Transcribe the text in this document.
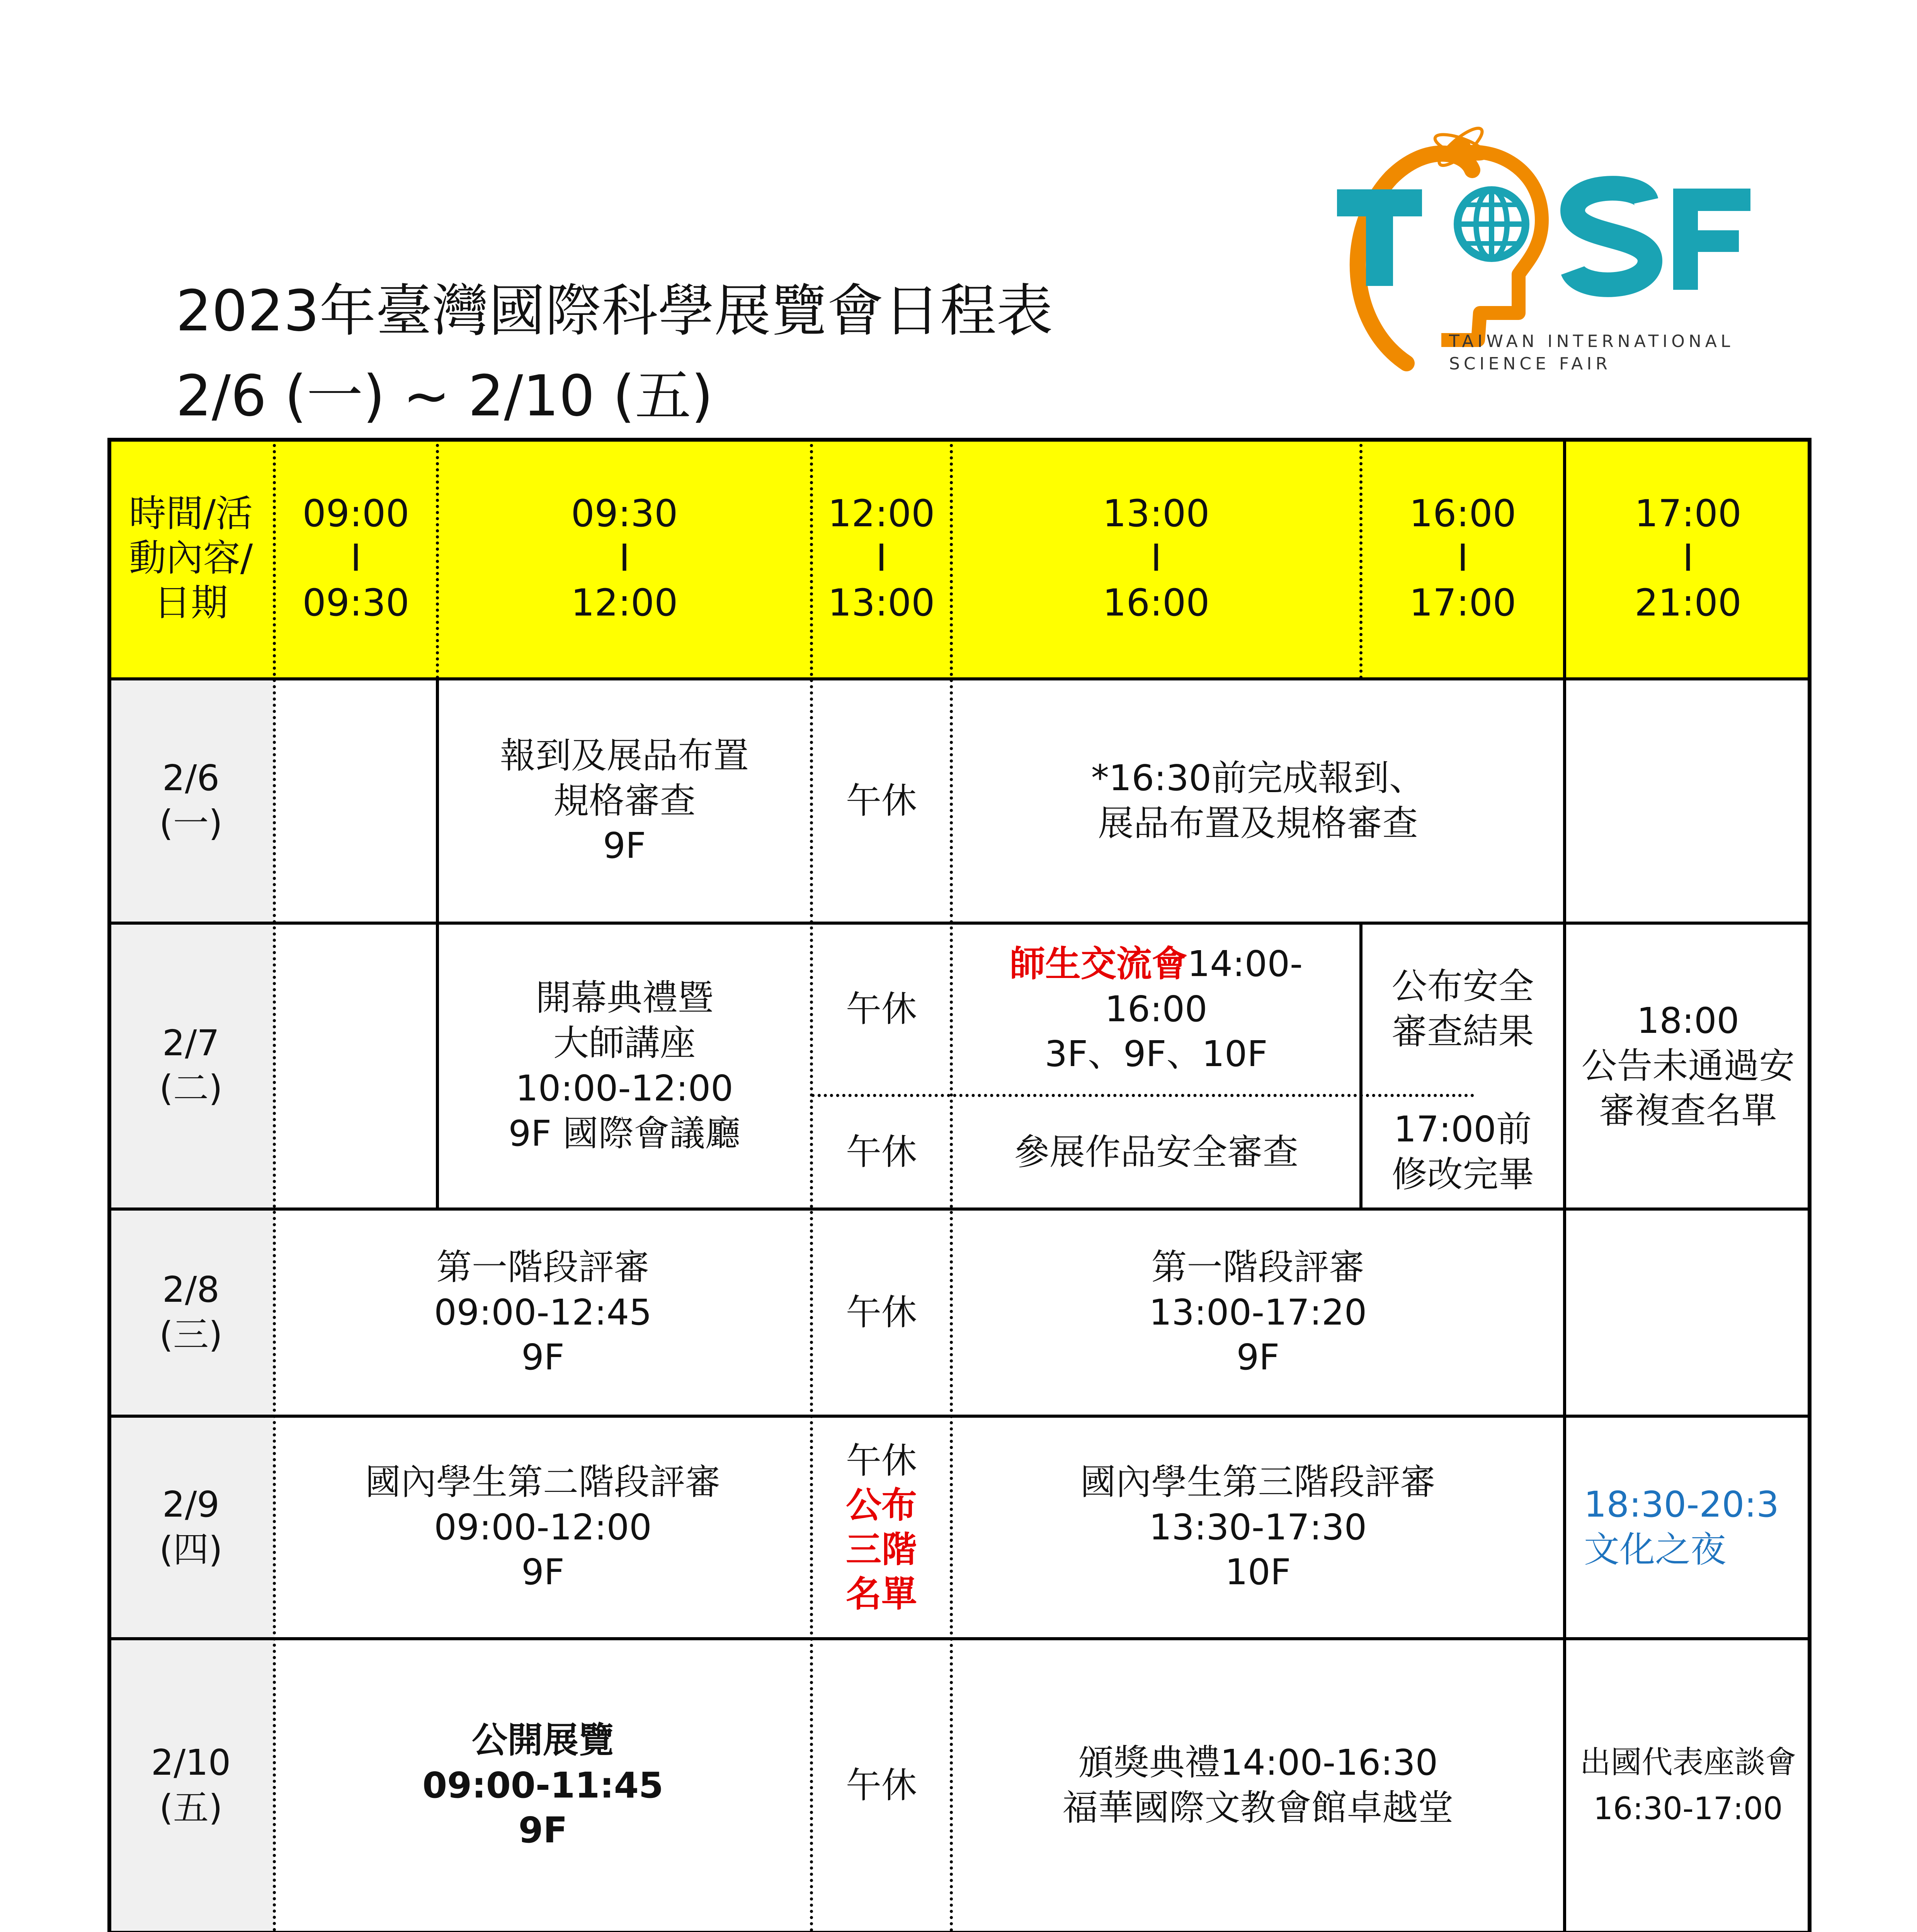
2023年臺灣國際科學展覽會日程表
2/6 (一) ~ 2/10 (五)
TAIWAN INTERNATIONAL
SCIENCE FAIR
時間/活
動內容/
日期
09:00
I
09:30
09:30
I
12:00
12:00
I
13:00
13:00
I
16:00
16:00
I
17:00
17:00
I
21:00
2/6
(一)
報到及展品布置
規格審查
9F
午休
*16:30前完成報到、
展品布置及規格審查
2/7
(二)
開幕典禮暨
大師講座
10:00-12:00
9F 國際會議廳
午休
師生交流會14:00-
16:00
3F、9F、10F
公布安全
審查結果
午休	參展作品安全審查
17:00前
修改完畢
18:00
公告未通過安
審複查名單
2/8
(三)
第一階段評審
09:00-12:45
9F
午休
第一階段評審
13:00-17:20
9F
2/9
(四)
國內學生第二階段評審
09:00-12:00
9F
午休
公布
三階
名單
國內學生第三階段評審
13:30-17:30
10F
18:30-20:3
文化之夜
2/10
(五)
公開展覽
09:00-11:45
9F
午休
頒獎典禮14:00-16:30
福華國際文教會館卓越堂
出國代表座談會
16:30-17:00
